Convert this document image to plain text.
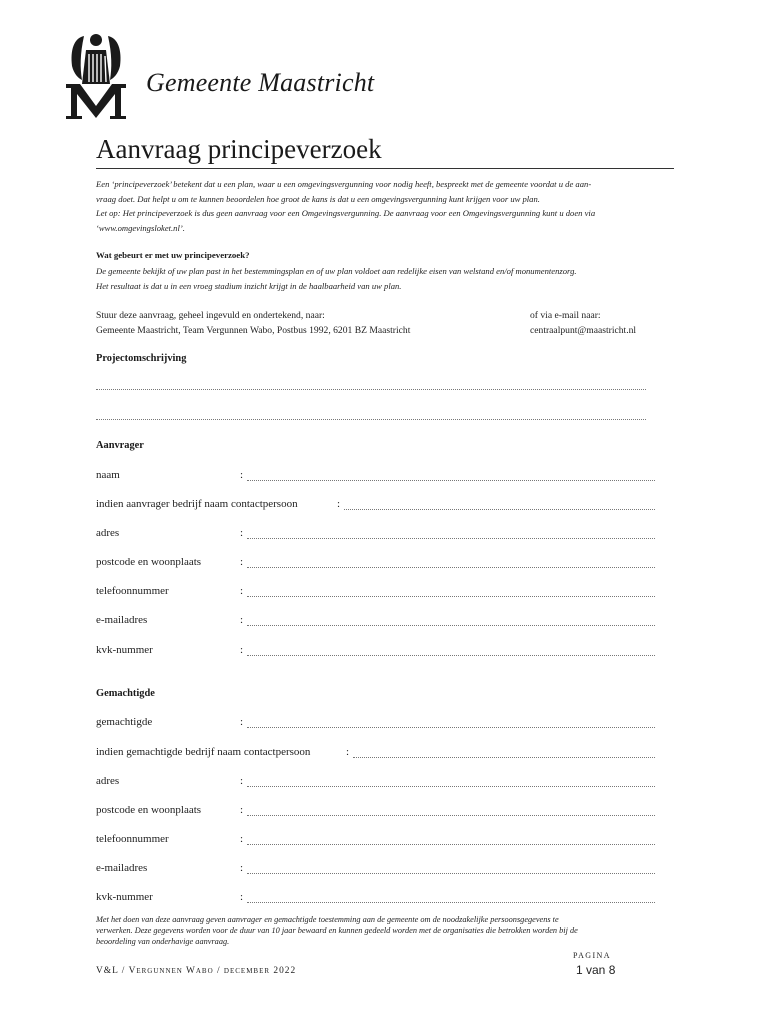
Gemeente Maastricht
Aanvraag principeverzoek

Een ‘principeverzoek’ betekent dat u een plan, waar u een omgevingsvergunning voor nodig heeft, bespreekt met de gemeente voordat u de aan-

vraag doet. Dat helpt u om te kunnen beoordelen hoe groot de kans is dat u een omgevingsvergunning kunt krijgen voor uw plan.

Let op: Het principeverzoek is dus geen aanvraag voor een Omgevingsvergunning. De aanvraag voor een Omgevingsvergunning kunt u doen via

‘www.omgevingsloket.nl’.

Wat gebeurt er met uw principeverzoek?

De gemeente bekijkt of uw plan past in het bestemmingsplan en of uw plan voldoet aan redelijke eisen van welstand en/of monumentenzorg.

Het resultaat is dat u in een vroeg stadium inzicht krijgt in de haalbaarheid van uw plan.

Stuur deze aanvraag, geheel ingevuld en ondertekend, naar:
Gemeente Maastricht, Team Vergunnen Wabo, Postbus 1992, 6201 BZ Maastricht
of via e-mail naar:
centraalpunt@maastricht.nl
Projectomschrijving
Aanvrager
naam	:
indien aanvrager bedrijf naam contactpersoon	:
adres	:
postcode en woonplaats	:
telefoonnummer	:
e-mailadres	:
kvk-nummer	:
Gemachtigde
gemachtigde	:
indien gemachtigde bedrijf naam contactpersoon	:
adres	:
postcode en woonplaats	:
telefoonnummer	:
e-mailadres	:
kvk-nummer	:

Met het doen van deze aanvraag geven aanvrager en gemachtigde toestemming aan de gemeente om de noodzakelijke persoonsgegevens te

verwerken. Deze gegevens worden voor de duur van 10 jaar bewaard en kunnen gedeeld worden met de organisaties die betrokken worden bij de

beoordeling van onderhavige aanvraag.

V&L / Vergunnen Wabo / december 2022
PAGINA
1 van 8
